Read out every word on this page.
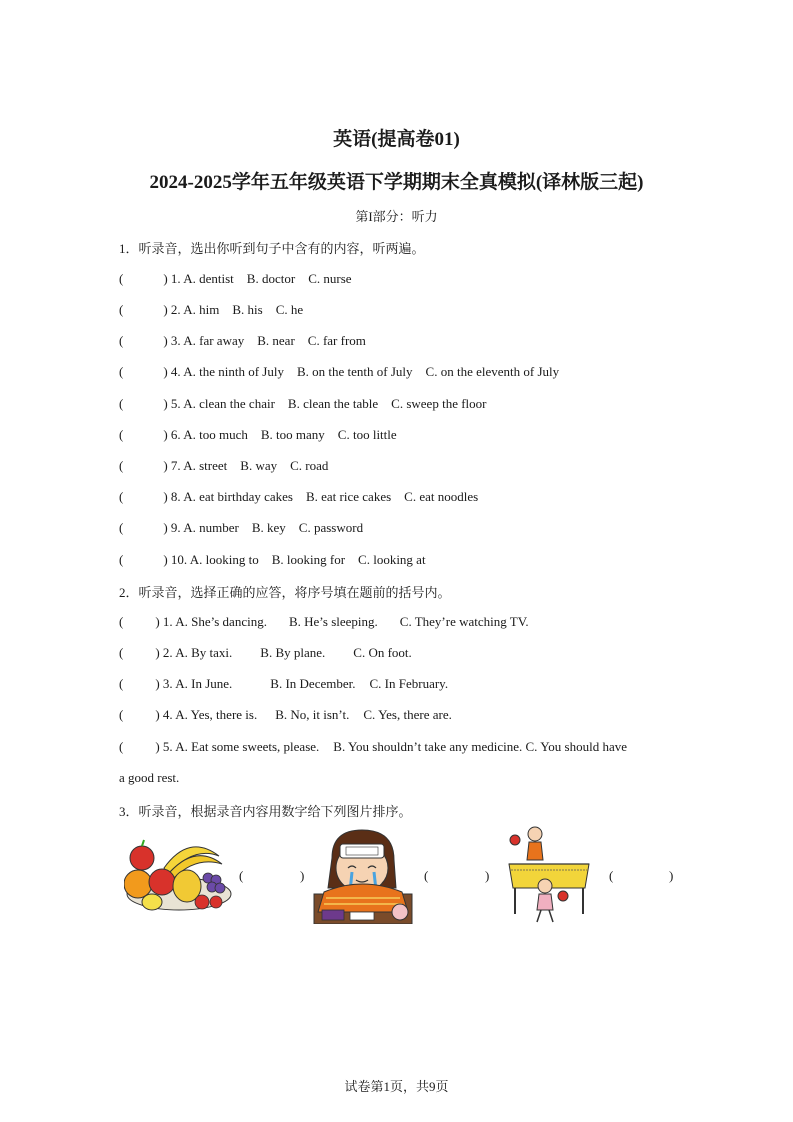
英语(提高卷01)
2024-2025学年五年级英语下学期期末全真模拟(译林版三起)
第I部分：听力
1．听录音，选出你听到句子中含有的内容，听两遍。
(	) 1. A. dentist B. doctor C. nurse
(	) 2. A. him B. his C. he
(	) 3. A. far away B. near C. far from
(	) 4. A. the ninth of July B. on the tenth of July C. on the eleventh of July
(	) 5. A. clean the chair B. clean the table C. sweep the floor
(	) 6. A. too much B. too many C. too little
(	) 7. A. street B. way C. road
(	) 8. A. eat birthday cakes B. eat rice cakes C. eat noodles
(	) 9. A. number B. key C. password
(	) 10. A. looking to B. looking for C. looking at
2．听录音，选择正确的应答，将序号填在题前的括号内。
( ) 1. A. She’s dancing. B. He’s sleeping. C. They’re watching TV.
( ) 2. A. By taxi. B. By plane. C. On foot.
( ) 3. A. In June.	B. In December. C. In February.
( ) 4. A. Yes, there is. B. No, it isn’t. C. Yes, there are.
( ) 5. A. Eat some sweets, please. B. You shouldn’t take any medicine. C. You should have
a good rest.
3．听录音，根据录音内容用数字给下列图片排序。
(	)	(	)	(	)
试卷第1页，共9页
